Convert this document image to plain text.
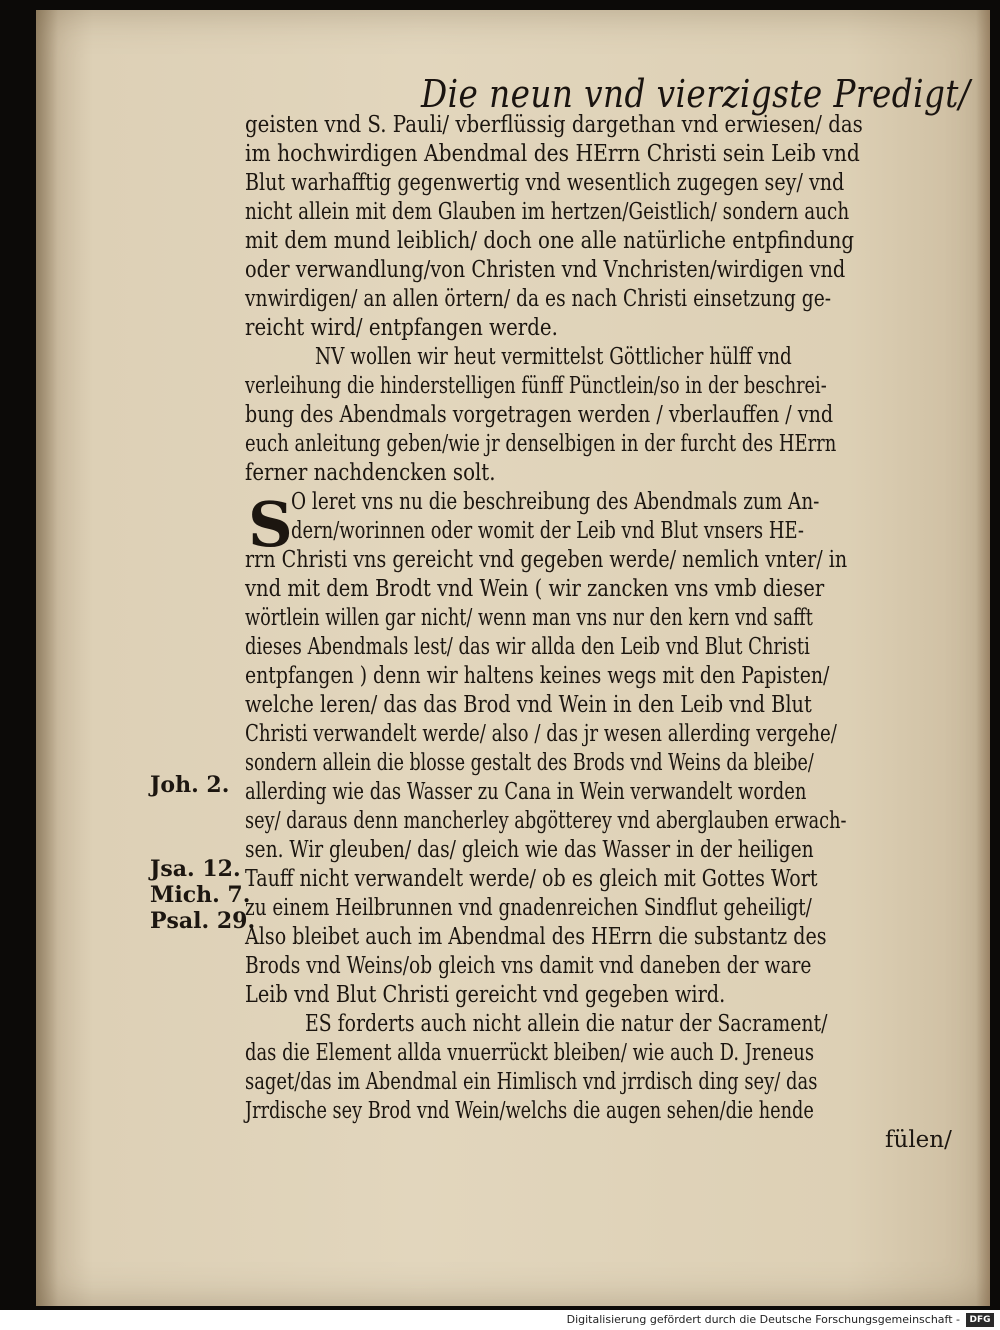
Die neun vnd vierzigste Predigt/
S
geisten vnd S. Pauli/ vberflüssig dargethan vnd erwiesen/ das
im hochwirdigen Abendmal des HErrn Christi sein Leib vnd
Blut warhafftig gegenwertig vnd wesentlich zugegen sey/ vnd
nicht allein mit dem Glauben im hertzen/Geistlich/ sondern auch
mit dem mund leiblich/ doch one alle natürliche entpfindung
oder verwandlung/von Christen vnd Vnchristen/wirdigen vnd
vnwirdigen/ an allen örtern/ da es nach Christi einsetzung ge-
reicht wird/ entpfangen werde.
NV wollen wir heut vermittelst Göttlicher hülff vnd
verleihung die hinderstelligen fünff Pünctlein/so in der beschrei-
bung des Abendmals vorgetragen werden / vberlauffen / vnd
euch anleitung geben/wie jr denselbigen in der furcht des HErrn
ferner nachdencken solt.
O leret vns nu die beschreibung des Abendmals zum An-
dern/worinnen oder womit der Leib vnd Blut vnsers HE-
rrn Christi vns gereicht vnd gegeben werde/ nemlich vnter/ in
vnd mit dem Brodt vnd Wein ( wir zancken vns vmb dieser
wörtlein willen gar nicht/ wenn man vns nur den kern vnd safft
dieses Abendmals lest/ das wir allda den Leib vnd Blut Christi
entpfangen ) denn wir haltens keines wegs mit den Papisten/
welche leren/ das das Brod vnd Wein in den Leib vnd Blut
Christi verwandelt werde/ also / das jr wesen allerding vergehe/
sondern allein die blosse gestalt des Brods vnd Weins da bleibe/
allerding wie das Wasser zu Cana in Wein verwandelt worden
sey/ daraus denn mancherley abgötterey vnd aberglauben erwach-
sen. Wir gleuben/ das/ gleich wie das Wasser in der heiligen
Tauff nicht verwandelt werde/ ob es gleich mit Gottes Wort
zu einem Heilbrunnen vnd gnadenreichen Sindflut geheiligt/
Also bleibet auch im Abendmal des HErrn die substantz des
Brods vnd Weins/ob gleich vns damit vnd daneben der ware
Leib vnd Blut Christi gereicht vnd gegeben wird.
ES forderts auch nicht allein die natur der Sacrament/
das die Element allda vnuerrückt bleiben/ wie auch D. Jreneus
saget/das im Abendmal ein Himlisch vnd jrrdisch ding sey/ das
Jrrdische sey Brod vnd Wein/welchs die augen sehen/die hende
fülen/
Joh. 2.
Jsa. 12.
Mich. 7.
Psal. 29.
Digitalisierung gefördert durch die Deutsche Forschungsgemeinschaft -	DFG
